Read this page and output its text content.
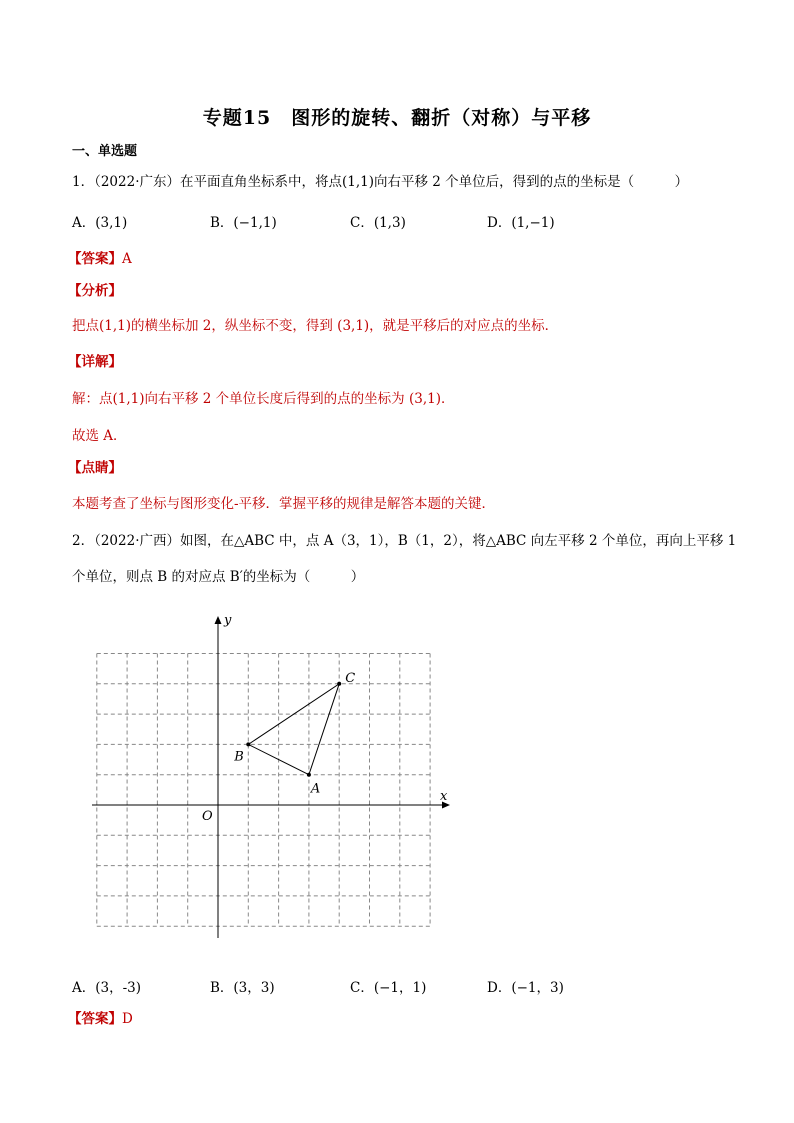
专题15　图形的旋转、翻折（对称）与平移
一、单选题
1．（2022·广东）在平面直角坐标系中，将点(1,1)向右平移 2 个单位后，得到的点的坐标是（　　　）
A．(3,1)	B．(−1,1)	C．(1,3)	D．(1,−1)
【答案】A
【分析】
把点(1,1)的横坐标加 2，纵坐标不变，得到 (3,1)，就是平移后的对应点的坐标．
【详解】
解：点(1,1)向右平移 2 个单位长度后得到的点的坐标为 (3,1)．
故选 A．
【点睛】
本题考查了坐标与图形变化-平移．掌握平移的规律是解答本题的关键．
2．（2022·广西）如图，在△ABC 中，点 A（3，1），B（1，2），将△ABC 向左平移 2 个单位，再向上平移 1
个单位，则点 B 的对应点 B′的坐标为（　　　）
x
y
O
A
B
C
A．(3，-3)	B．(3，3)	C．(−1，1)	D．(−1，3)
【答案】D
